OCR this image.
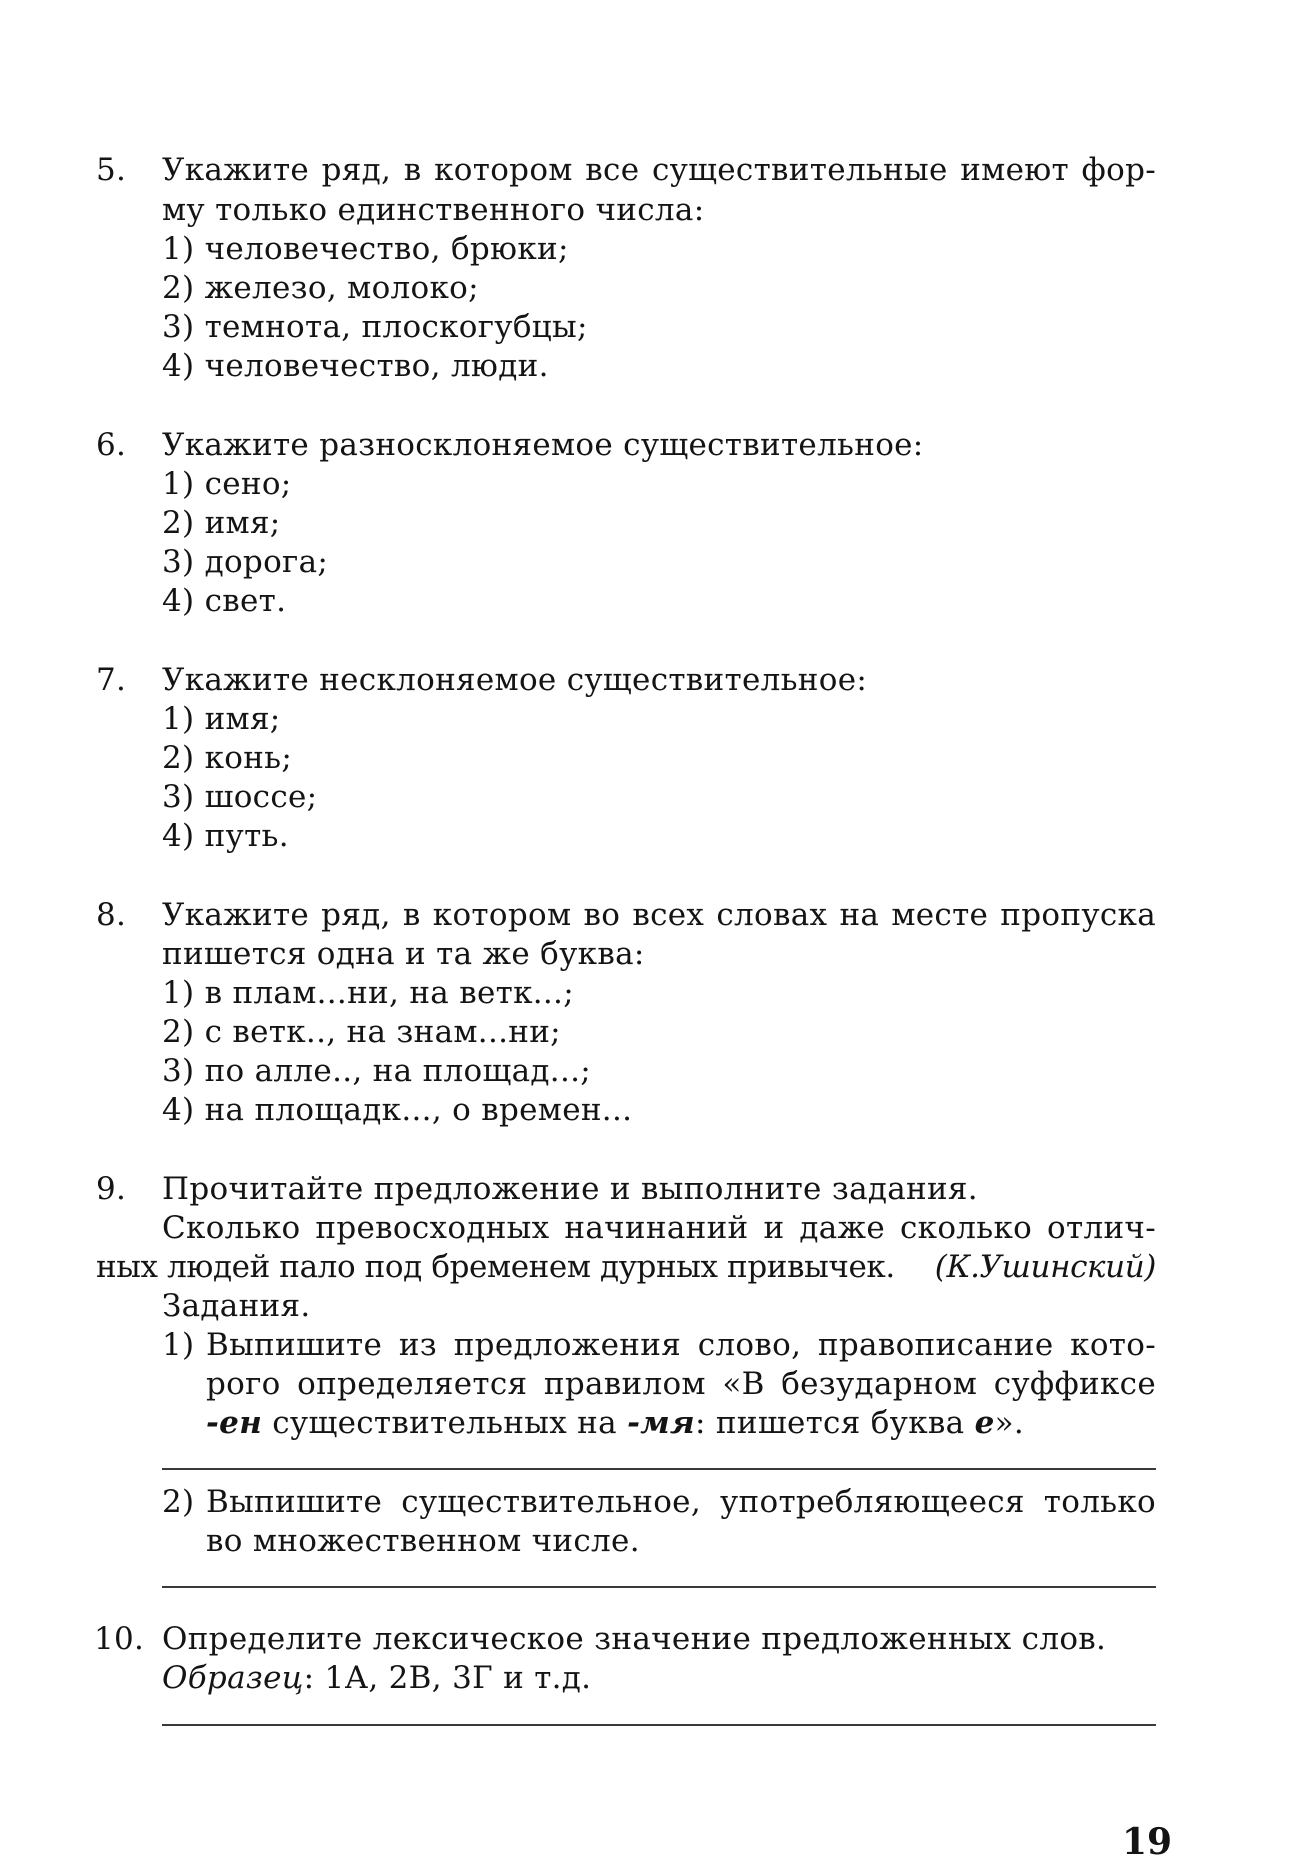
5. Укажите ряд, в котором все существительные имеют фор-
му только единственного числа:
1) человечество, брюки;
2) железо, молоко;
3) темнота, плоскогубцы;
4) человечество, люди.
6. Укажите разносклоняемое существительное:
1) сено;
2) имя;
3) дорога;
4) свет.
7. Укажите несклоняемое существительное:
1) имя;
2) конь;
3) шоссе;
4) путь.
8. Укажите ряд, в котором во всех словах на месте пропуска
пишется одна и та же буква:
1) в плам...ни, на ветк...;
2) с ветк.., на знам...ни;
3) по алле.., на площад...;
4) на площадк..., о времен...
9. Прочитайте предложение и выполните задания.
Сколько превосходных начинаний и даже сколько отлич-
ных людей пало под бременем дурных привычек. (К.Ушинский)
Задания.
1) Выпишите из предложения слово, правописание кото-
рого определяется правилом «В безударном суффиксе
-ен существительных на -мя: пишется буква е».
2) Выпишите существительное, употребляющееся только
во множественном числе.
10. Определите лексическое значение предложенных слов.
Образец: 1А, 2В, 3Г и т.д.
19
